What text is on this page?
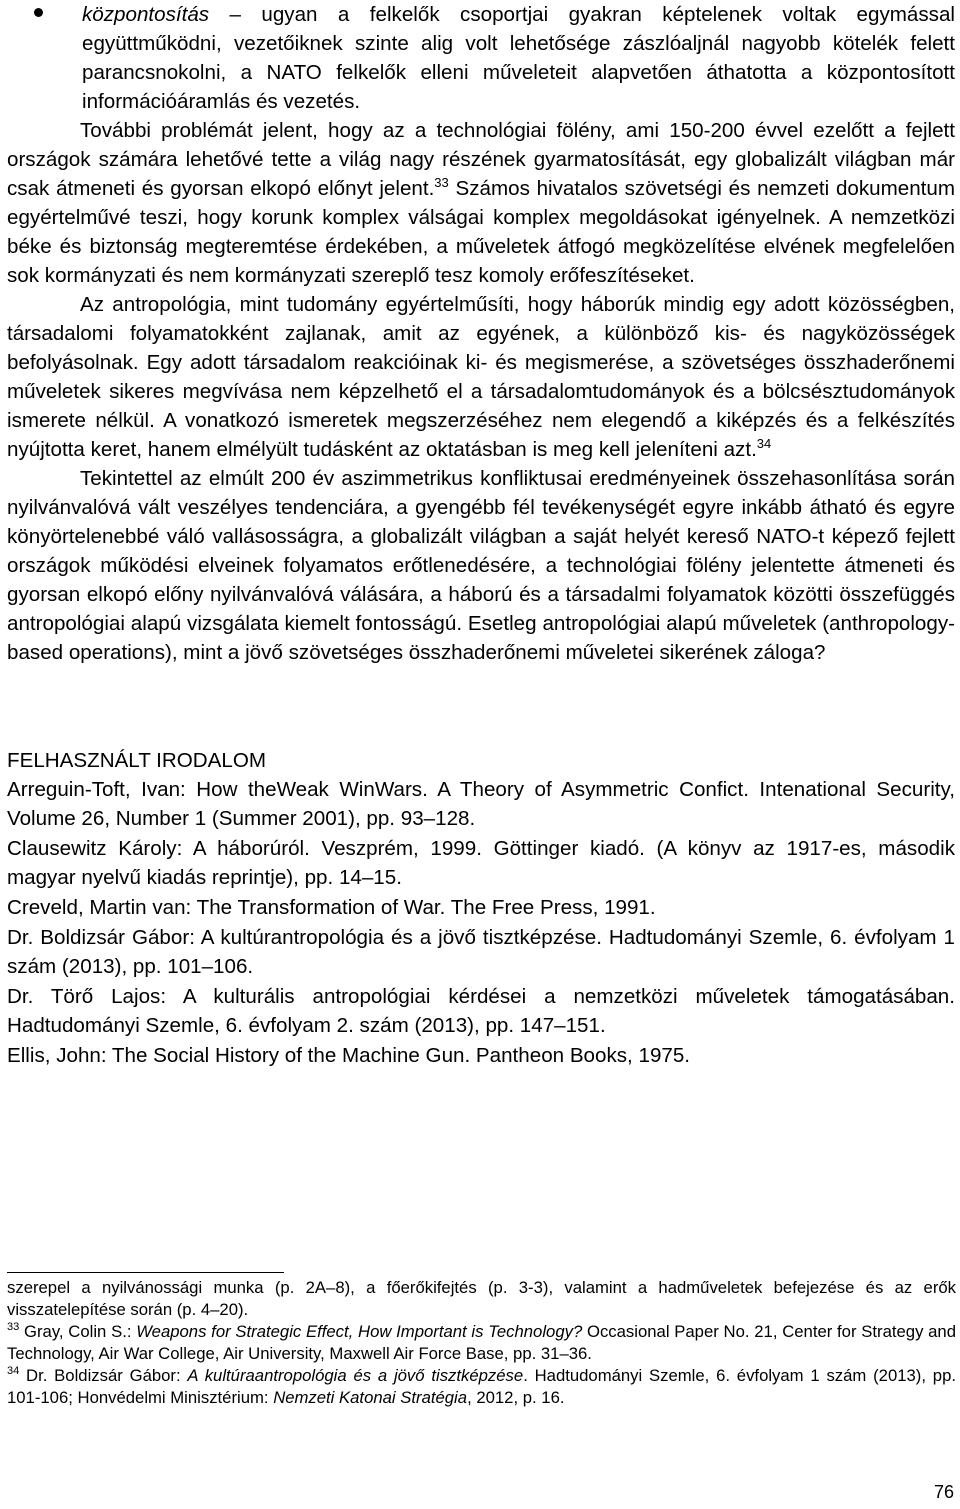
központosítás – ugyan a felkelők csoportjai gyakran képtelenek voltak egymással együttműködni, vezetőiknek szinte alig volt lehetősége zászlóaljnál nagyobb kötelék felett parancsnokolni, a NATO felkelők elleni műveleteit alapvetően áthatotta a központosított információáramlás és vezetés.

További problémát jelent, hogy az a technológiai fölény, ami 150-200 évvel ezelőtt a fejlett országok számára lehetővé tette a világ nagy részének gyarmatosítását, egy globalizált világban már csak átmeneti és gyorsan elkopó előnyt jelent.$^{33}$ Számos hivatalos szövetségi és nemzeti dokumentum egyértelművé teszi, hogy korunk komplex válságai komplex megoldásokat igényelnek. A nemzetközi béke és biztonság megteremtése érdekében, a műveletek átfogó megközelítése elvének megfelelően sok kormányzati és nem kormányzati szereplő tesz komoly erőfeszítéseket.

Az antropológia, mint tudomány egyértelműsíti, hogy háborúk mindig egy adott közösségben, társadalomi folyamatokként zajlanak, amit az egyének, a különböző kis- és nagyközösségek befolyásolnak. Egy adott társadalom reakcióinak ki- és megismerése, a szövetséges összhaderőnemi műveletek sikeres megvívása nem képzelhető el a társadalomtudományok és a bölcsésztudományok ismerete nélkül. A vonatkozó ismeretek megszerzéséhez nem elegendő a kiképzés és a felkészítés nyújtotta keret, hanem elmélyült tudásként az oktatásban is meg kell jeleníteni azt.$^{34}$

Tekintettel az elmúlt 200 év aszimmetrikus konfliktusai eredményeinek összehasonlítása során nyilvánvalóvá vált veszélyes tendenciára, a gyengébb fél tevékenységét egyre inkább átható és egyre könyörtelenebbé váló vallásosságra, a globalizált világban a saját helyét kereső NATO-t képező fejlett országok működési elveinek folyamatos erőtlenedésére, a technológiai fölény jelentette átmeneti és gyorsan elkopó előny nyilvánvalóvá válására, a háború és a társadalmi folyamatok közötti összefüggés antropológiai alapú vizsgálata kiemelt fontosságú. Esetleg antropológiai alapú műveletek (anthropology-based operations), mint a jövő szövetséges összhaderőnemi műveletei sikerének záloga?

FELHASZNÁLT IRODALOM

Arreguin-Toft, Ivan: How theWeak WinWars. A Theory of Asymmetric Confict. Intenational Security, Volume 26, Number 1 (Summer 2001), pp. 93–128.

Clausewitz Károly: A háborúról. Veszprém, 1999. Göttinger kiadó. (A könyv az 1917-es, második magyar nyelvű kiadás reprintje), pp. 14–15.

Creveld, Martin van: The Transformation of War. The Free Press, 1991.

Dr. Boldizsár Gábor: A kultúrantropológia és a jövő tisztképzése. Hadtudományi Szemle, 6. évfolyam 1 szám (2013), pp. 101–106.

Dr. Törő Lajos: A kulturális antropológiai kérdései a nemzetközi műveletek támogatásában. Hadtudományi Szemle, 6. évfolyam 2. szám (2013), pp. 147–151.

Ellis, John: The Social History of the Machine Gun. Pantheon Books, 1975.

szerepel a nyilvánossági munka (p. 2A–8), a főerőkifejtés (p. 3-3), valamint a hadműveletek befejezése és az erők visszatelepítése során (p. 4–20).

$^{33}$ Gray, Colin S.: Weapons for Strategic Effect, How Important is Technology? Occasional Paper No. 21, Center for Strategy and Technology, Air War College, Air University, Maxwell Air Force Base, pp. 31–36.

$^{34}$ Dr. Boldizsár Gábor: A kultúraantropológia és a jövő tisztképzése. Hadtudományi Szemle, 6. évfolyam 1 szám (2013), pp. 101-106; Honvédelmi Minisztérium: Nemzeti Katonai Stratégia, 2012, p. 16.

76
